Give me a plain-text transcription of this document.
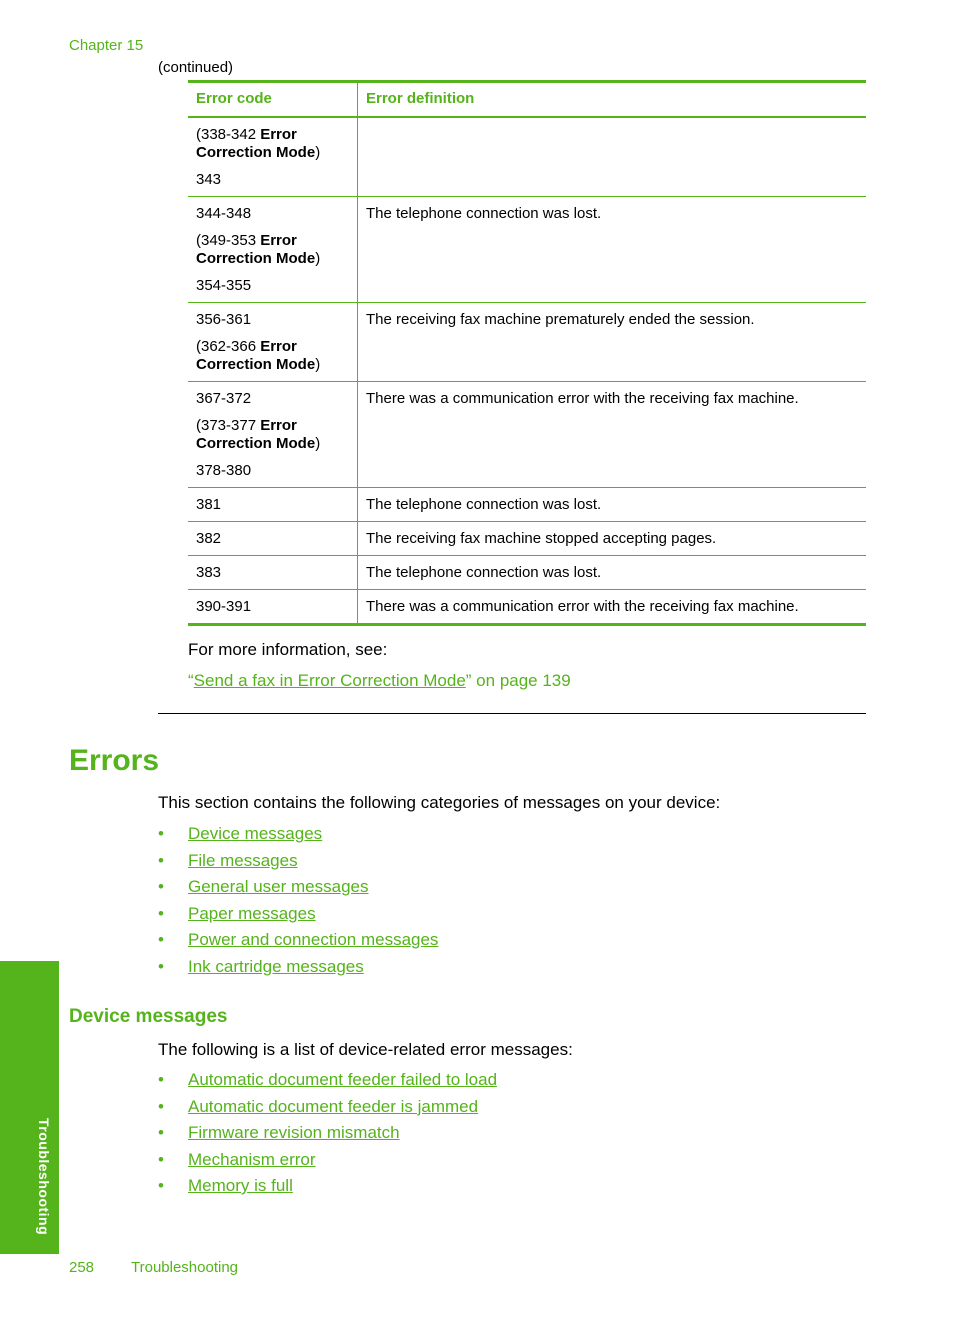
Chapter 15
(continued)
Error code	Error definition

(338-342 Error Correction Mode)
343	

344-348
(349-353 Error Correction Mode)
354-355	The telephone connection was lost.

356-361
(362-366 Error Correction Mode)	The receiving fax machine prematurely ended the session.

367-372
(373-377 Error Correction Mode)
378-380	There was a communication error with the receiving fax machine.

381	The telephone connection was lost.

382	The receiving fax machine stopped accepting pages.

383	The telephone connection was lost.

390-391	There was a communication error with the receiving fax machine.
For more information, see:
“Send a fax in Error Correction Mode” on page 139
Errors
This section contains the following categories of messages on your device:
• Device messages
• File messages
• General user messages
• Paper messages
• Power and connection messages
• Ink cartridge messages
Device messages
The following is a list of device-related error messages:
• Automatic document feeder failed to load
• Automatic document feeder is jammed
• Firmware revision mismatch
• Mechanism error
• Memory is full
Troubleshooting
258 Troubleshooting
